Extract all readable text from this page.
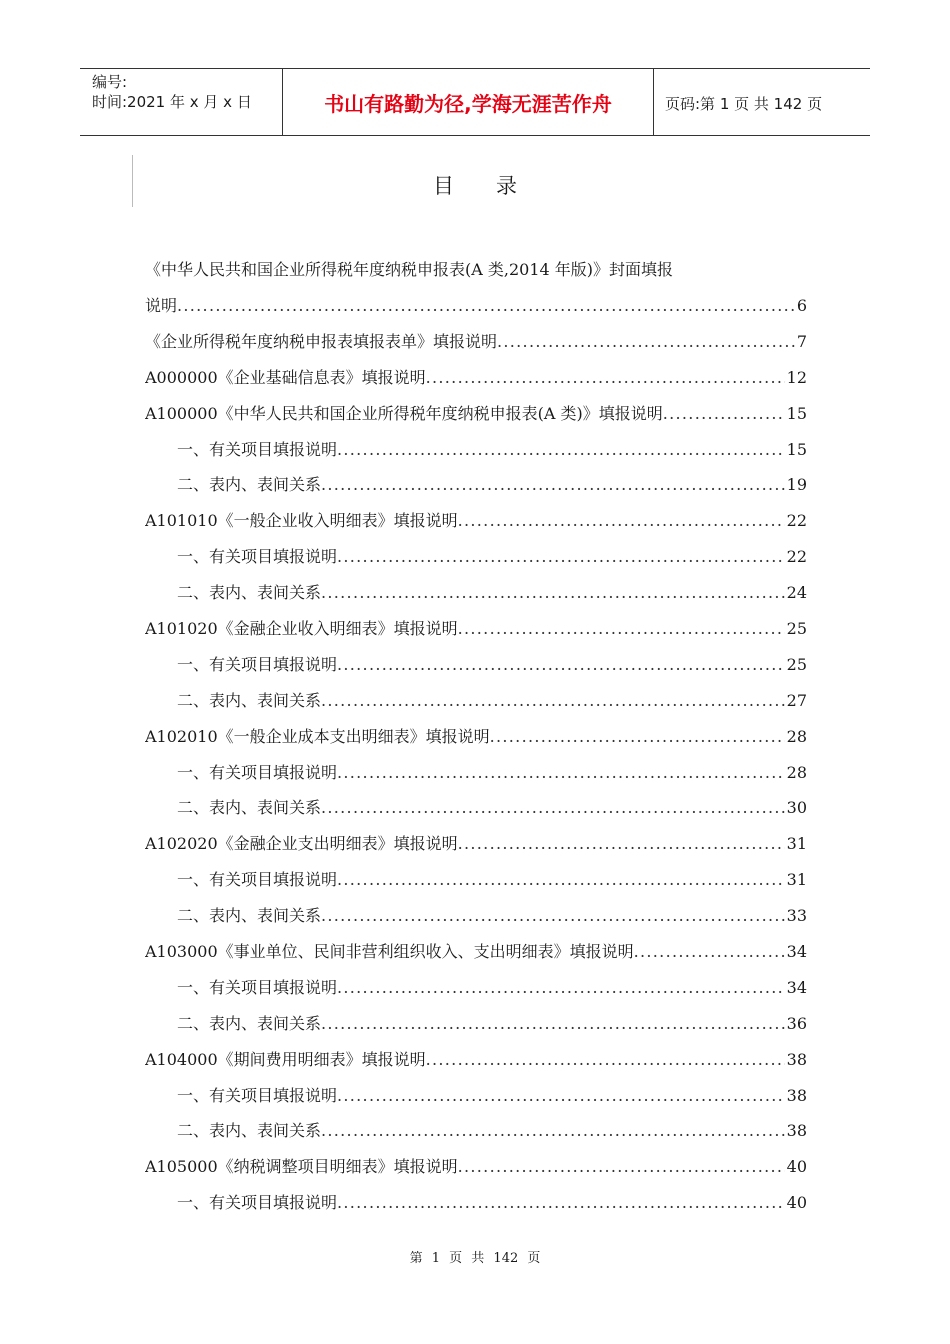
编号:
时间:2021 年 x 月 x 日	书山有路勤为径,学海无涯苦作舟	页码:第 1 页 共 142 页
目录
《中华人民共和国企业所得税年度纳税申报表(A 类,2014 年版)》封面填报
说明 .....	6
《企业所得税年度纳税申报表填报表单》填报说明 .....	7
A000000《企业基础信息表》填报说明 .....	12
A100000《中华人民共和国企业所得税年度纳税申报表(A 类)》填报说明 .....	15
一、有关项目填报说明 .....	15
二、表内、表间关系 .....	19
A101010《一般企业收入明细表》填报说明 .....	22
一、有关项目填报说明 .....	22
二、表内、表间关系 .....	24
A101020《金融企业收入明细表》填报说明 .....	25
一、有关项目填报说明 .....	25
二、表内、表间关系 .....	27
A102010《一般企业成本支出明细表》填报说明 .....	28
一、有关项目填报说明 .....	28
二、表内、表间关系 .....	30
A102020《金融企业支出明细表》填报说明 .....	31
一、有关项目填报说明 .....	31
二、表内、表间关系 .....	33
A103000《事业单位、民间非营利组织收入、支出明细表》填报说明 .....	34
一、有关项目填报说明 .....	34
二、表内、表间关系 .....	36
A104000《期间费用明细表》填报说明 .....	38
一、有关项目填报说明 .....	38
二、表内、表间关系 .....	38
A105000《纳税调整项目明细表》填报说明 .....	40
一、有关项目填报说明 .....	40
第 1 页 共 142 页
